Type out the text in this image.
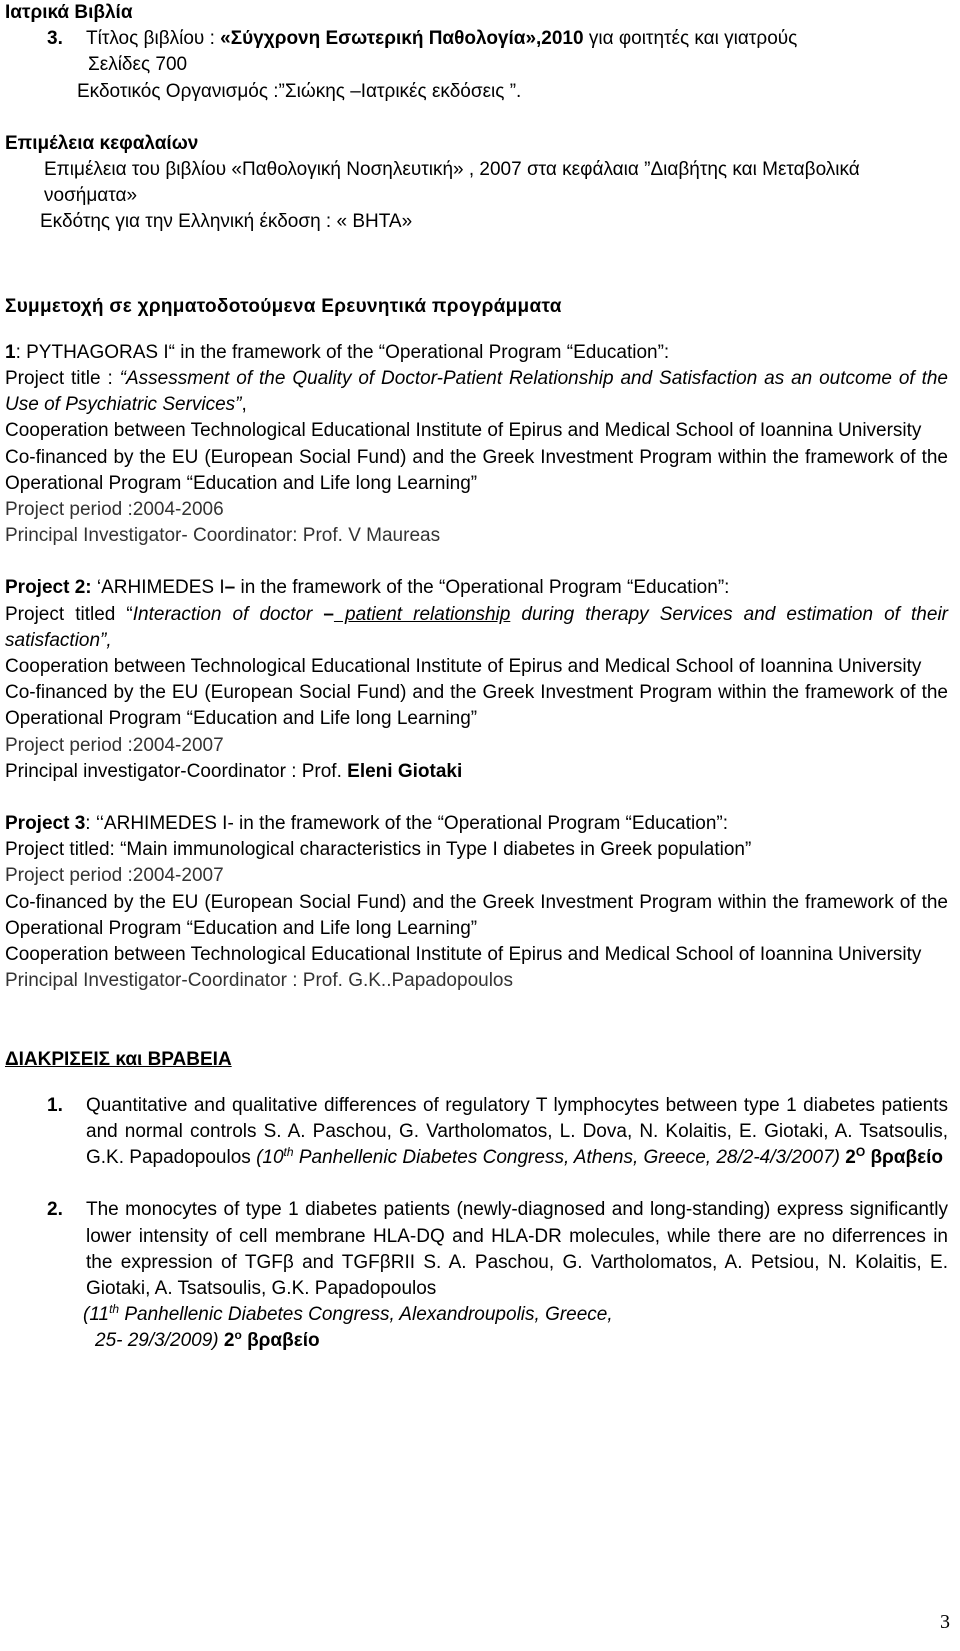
Ιατρικά Βιβλία

3. Τίτλος βιβλίου : «Σύγχρονη Εσωτερική Παθολογία»,2010 για φοιτητές και γιατρούς

Σελίδες 700

Εκδοτικός Οργανισμός :”Σιώκης –Ιατρικές εκδόσεις ”.

Επιμέλεια κεφαλαίων

Επιμέλεια του βιβλίου «Παθολογική Νοσηλευτική» , 2007 στα κεφάλαια ”Διαβήτης και Μεταβολικά νοσήματα»

Εκδότης για την Ελληνική έκδοση : « ΒΗΤΑ»

Συμμετοχή σε χρηματοδοτούμενα Ερευνητικά προγράμματα

1: PYTHAGORAS I“ in the framework of the “Operational Program “Education”:

Project title : “Assessment of the Quality of Doctor-Patient Relationship and Satisfaction as an outcome of the Use of Psychiatric Services”,

Cooperation between Technological Educational Institute of Epirus and Medical School of Ioannina University

Co-financed by the EU (European Social Fund) and the Greek Investment Program within the framework of the Operational Program “Education and Life long Learning”

Project period :2004-2006

Principal Investigator- Coordinator: Prof. V Maureas

Project 2: ‘ARHIMEDES I– in the framework of the “Operational Program “Education”:

Project titled “Interaction of doctor – patient relationship during therapy Services and estimation of their satisfaction”,

Cooperation between Technological Educational Institute of Epirus and Medical School of Ioannina University

Co-financed by the EU (European Social Fund) and the Greek Investment Program within the framework of the Operational Program “Education and Life long Learning”

Project period :2004-2007

Principal investigator-Coordinator : Prof. Eleni Giotaki

Project 3: ‘‘ARHIMEDES I- in the framework of the “Operational Program “Education”:

Project titled: “Main immunological characteristics in Type I diabetes in Greek population”

Project period :2004-2007

Co-financed by the EU (European Social Fund) and the Greek Investment Program within the framework of the Operational Program “Education and Life long Learning”

Cooperation between Technological Educational Institute of Epirus and Medical School of Ioannina University

Principal Investigator-Coordinator : Prof. G.K..Papadopoulos

ΔΙΑΚΡΙΣΕΙΣ και ΒΡΑΒΕΙΑ

1. Quantitative and qualitative differences of regulatory T lymphocytes between type 1 diabetes patients and normal controls S. A. Paschou, G. Vartholomatos, L. Dova, N. Kolaitis, E. Giotaki, A. Tsatsoulis, G.K. Papadopoulos (10th Panhellenic Diabetes Congress, Athens, Greece, 28/2-4/3/2007) $2^O$ βραβείο
2. The monocytes of type 1 diabetes patients (newly-diagnosed and long-standing) express significantly lower intensity of cell membrane HLA-DQ and HLA-DR molecules, while there are no diferrences in the expression of TGFβ and TGFβRII S. A. Paschou, G. Vartholomatos, A. Petsiou, N. Kolaitis, E. Giotaki, A. Tsatsoulis, G.K. Papadopoulos

(11th Panhellenic Diabetes Congress, Alexandroupolis, Greece,

25- 29/3/2009) 2$^o$ βραβείο

3
